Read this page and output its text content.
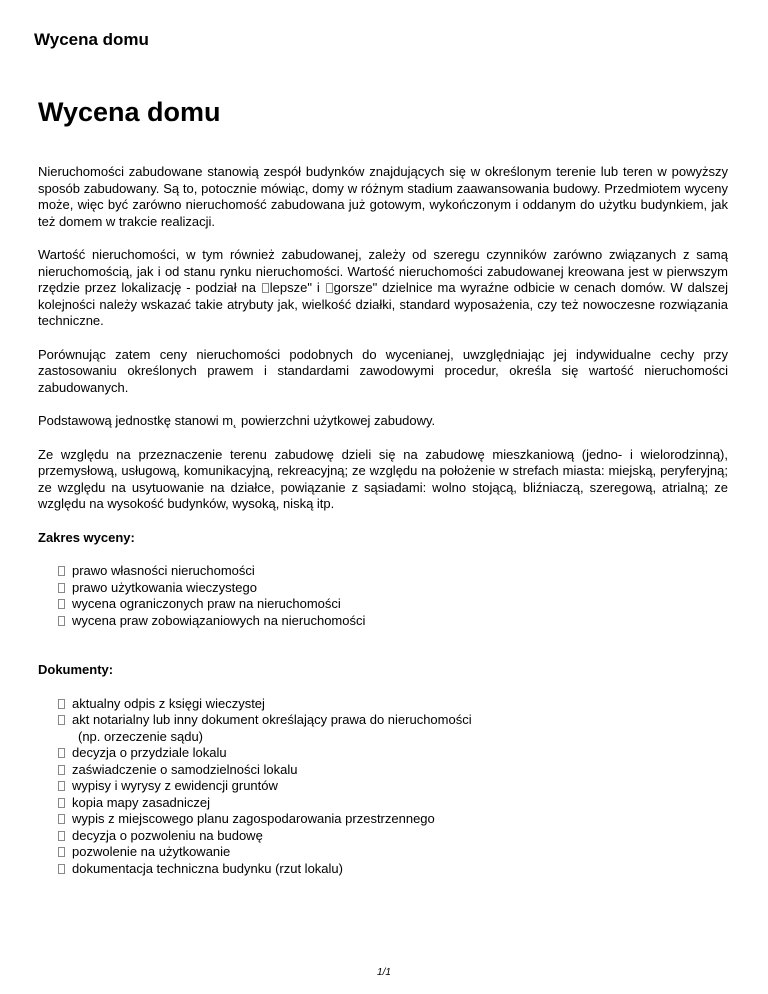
Wycena domu
Wycena domu

Nieruchomości zabudowane stanowią zespół budynków znajdujących się w określonym terenie lub teren w powyższy sposób zabudowany. Są to, potocznie mówiąc, domy w różnym stadium zaawansowania budowy. Przedmiotem wyceny może, więc być zarówno nieruchomość zabudowana już gotowym, wykończonym i oddanym do użytku budynkiem, jak też domem w trakcie realizacji.

Wartość nieruchomości, w tym również zabudowanej, zależy od szeregu czynników zarówno związanych z samą nieruchomością, jak i od stanu rynku nieruchomości. Wartość nieruchomości zabudowanej kreowana jest w pierwszym rzędzie przez lokalizację - podział na lepsze" i gorsze" dzielnice ma wyraźne odbicie w cenach domów. W dalszej kolejności należy wskazać takie atrybuty jak, wielkość działki, standard wyposażenia, czy też nowoczesne rozwiązania techniczne.

Porównując zatem ceny nieruchomości podobnych do wycenianej, uwzględniając jej indywidualne cechy przy zastosowaniu określonych prawem i standardami zawodowymi procedur, określa się wartość nieruchomości zabudowanych.

Podstawową jednostkę stanowi m˛ powierzchni użytkowej zabudowy.

Ze względu na przeznaczenie terenu zabudowę dzieli się na zabudowę mieszkaniową (jedno- i wielorodzinną), przemysłową, usługową, komunikacyjną, rekreacyjną; ze względu na położenie w strefach miasta: miejską, peryferyjną; ze względu na usytuowanie na działce, powiązanie z sąsiadami: wolno stojącą, bliźniaczą, szeregową, atrialną; ze względu na wysokość budynków, wysoką, niską itp.

Zakres wyceny:

prawo własności nieruchomości
prawo użytkowania wieczystego
wycena ograniczonych praw na nieruchomości
wycena praw zobowiązaniowych na nieruchomości

Dokumenty:

aktualny odpis z księgi wieczystej
akt notarialny lub inny dokument określający prawa do nieruchomości
(np. orzeczenie sądu)
decyzja o przydziale lokalu
zaświadczenie o samodzielności lokalu
wypisy i wyrysy z ewidencji gruntów
kopia mapy zasadniczej
wypis z miejscowego planu zagospodarowania przestrzennego
decyzja o pozwoleniu na budowę
pozwolenie na użytkowanie
dokumentacja techniczna budynku (rzut lokalu)
1/1
